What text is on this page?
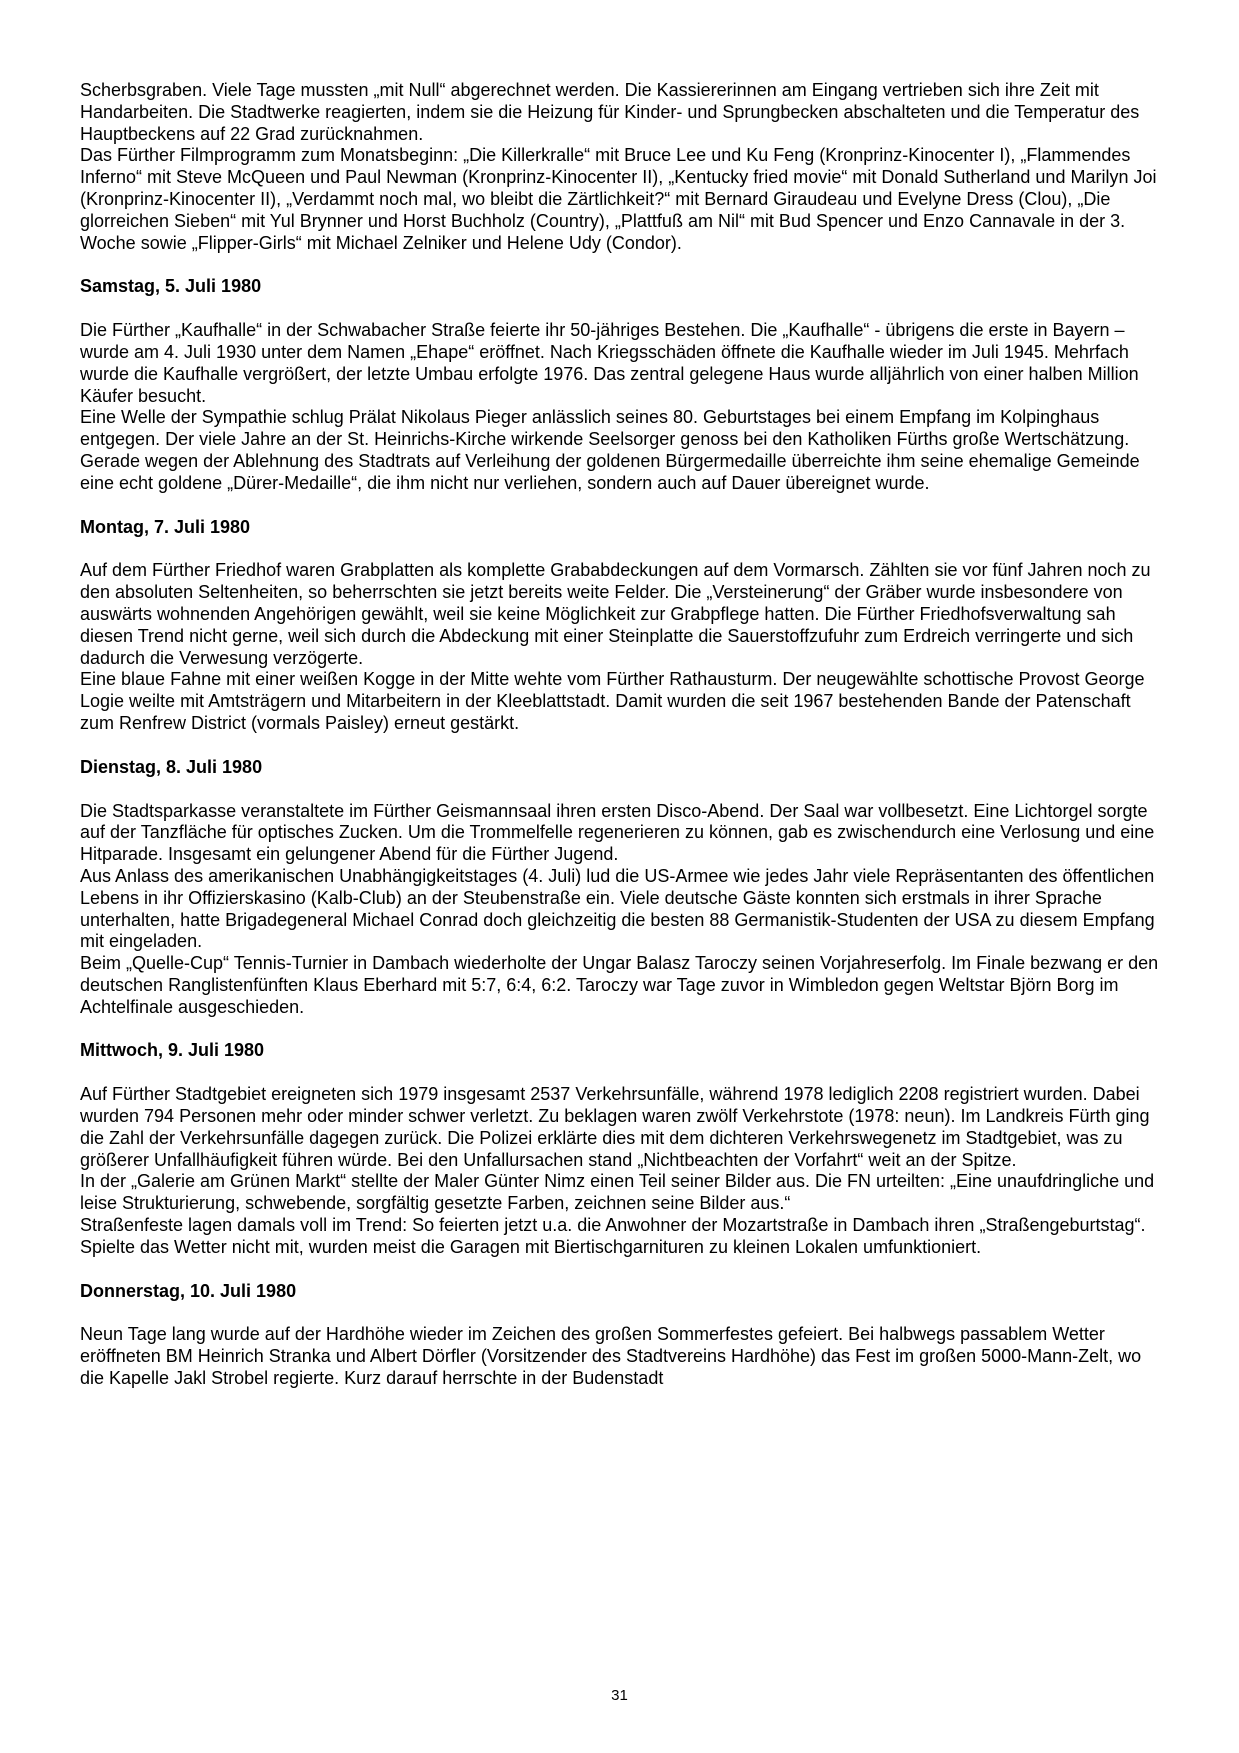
Scherbsgraben. Viele Tage mussten „mit Null“ abgerechnet werden. Die Kassiererinnen am Eingang vertrieben sich ihre Zeit mit Handarbeiten. Die Stadtwerke reagierten, indem sie die Heizung für Kinder- und Sprungbecken abschalteten und die Temperatur des Hauptbeckens auf 22 Grad zurücknahmen.

Das Fürther Filmprogramm zum Monatsbeginn: „Die Killerkralle“ mit Bruce Lee und Ku Feng (Kronprinz-Kinocenter I), „Flammendes Inferno“ mit Steve McQueen und Paul Newman (Kronprinz-Kinocenter II), „Kentucky fried movie“ mit Donald Sutherland und Marilyn Joi (Kronprinz-Kinocenter II), „Verdammt noch mal, wo bleibt die Zärtlichkeit?“ mit Bernard Giraudeau und Evelyne Dress (Clou), „Die glorreichen Sieben“ mit Yul Brynner und Horst Buchholz (Country), „Plattfuß am Nil“ mit Bud Spencer und Enzo Cannavale in der 3. Woche sowie „Flipper-Girls“ mit Michael Zelniker und Helene Udy (Condor).

Samstag, 5. Juli 1980

Die Fürther „Kaufhalle“ in der Schwabacher Straße feierte ihr 50-jähriges Bestehen. Die „Kaufhalle“ - übrigens die erste in Bayern – wurde am 4. Juli 1930 unter dem Namen „Ehape“ eröffnet. Nach Kriegsschäden öffnete die Kaufhalle wieder im Juli 1945. Mehrfach wurde die Kaufhalle vergrößert, der letzte Umbau erfolgte 1976. Das zentral gelegene Haus wurde alljährlich von einer halben Million Käufer besucht.

Eine Welle der Sympathie schlug Prälat Nikolaus Pieger anlässlich seines 80. Geburtstages bei einem Empfang im Kolpinghaus entgegen. Der viele Jahre an der St. Heinrichs-Kirche wirkende Seelsorger genoss bei den Katholiken Fürths große Wertschätzung. Gerade wegen der Ablehnung des Stadtrats auf Verleihung der goldenen Bürgermedaille überreichte ihm seine ehemalige Gemeinde eine echt goldene „Dürer-Medaille“, die ihm nicht nur verliehen, sondern auch auf Dauer übereignet wurde.

Montag, 7. Juli 1980

Auf dem Fürther Friedhof waren Grabplatten als komplette Grababdeckungen auf dem Vormarsch. Zählten sie vor fünf Jahren noch zu den absoluten Seltenheiten, so beherrschten sie jetzt bereits weite Felder. Die „Versteinerung“ der Gräber wurde insbesondere von auswärts wohnenden Angehörigen gewählt, weil sie keine Möglichkeit zur Grabpflege hatten. Die Fürther Friedhofsverwaltung sah diesen Trend nicht gerne, weil sich durch die Abdeckung mit einer Steinplatte die Sauerstoffzufuhr zum Erdreich verringerte und sich dadurch die Verwesung verzögerte.

Eine blaue Fahne mit einer weißen Kogge in der Mitte wehte vom Fürther Rathausturm. Der neugewählte schottische Provost George Logie weilte mit Amtsträgern und Mitarbeitern in der Kleeblattstadt. Damit wurden die seit 1967 bestehenden Bande der Patenschaft zum Renfrew District (vormals Paisley) erneut gestärkt.

Dienstag, 8. Juli 1980

Die Stadtsparkasse veranstaltete im Fürther Geismannsaal ihren ersten Disco-Abend. Der Saal war vollbesetzt. Eine Lichtorgel sorgte auf der Tanzfläche für optisches Zucken. Um die Trommelfelle regenerieren zu können, gab es zwischendurch eine Verlosung und eine Hitparade. Insgesamt ein gelungener Abend für die Fürther Jugend.

Aus Anlass des amerikanischen Unabhängigkeitstages (4. Juli) lud die US-Armee wie jedes Jahr viele Repräsentanten des öffentlichen Lebens in ihr Offizierskasino (Kalb-Club) an der Steubenstraße ein. Viele deutsche Gäste konnten sich erstmals in ihrer Sprache unterhalten, hatte Brigadegeneral Michael Conrad doch gleichzeitig die besten 88 Germanistik-Studenten der USA zu diesem Empfang mit eingeladen.

Beim „Quelle-Cup“ Tennis-Turnier in Dambach wiederholte der Ungar Balasz Taroczy seinen Vorjahreserfolg. Im Finale bezwang er den deutschen Ranglistenfünften Klaus Eberhard mit 5:7, 6:4, 6:2. Taroczy war Tage zuvor in Wimbledon gegen Weltstar Björn Borg im Achtelfinale ausgeschieden.

Mittwoch, 9. Juli 1980

Auf Fürther Stadtgebiet ereigneten sich 1979 insgesamt 2537 Verkehrsunfälle, während 1978 lediglich 2208 registriert wurden. Dabei wurden 794 Personen mehr oder minder schwer verletzt. Zu beklagen waren zwölf Verkehrstote (1978: neun). Im Landkreis Fürth ging die Zahl der Verkehrsunfälle dagegen zurück. Die Polizei erklärte dies mit dem dichteren Verkehrswegenetz im Stadtgebiet, was zu größerer Unfallhäufigkeit führen würde. Bei den Unfallursachen stand „Nichtbeachten der Vorfahrt“ weit an der Spitze.

In der „Galerie am Grünen Markt“ stellte der Maler Günter Nimz einen Teil seiner Bilder aus. Die FN urteilten: „Eine unaufdringliche und leise Strukturierung, schwebende, sorgfältig gesetzte Farben, zeichnen seine Bilder aus.“

Straßenfeste lagen damals voll im Trend: So feierten jetzt u.a. die Anwohner der Mozartstraße in Dambach ihren „Straßengeburtstag“. Spielte das Wetter nicht mit, wurden meist die Garagen mit Biertischgarnituren zu kleinen Lokalen umfunktioniert.

Donnerstag, 10. Juli 1980

Neun Tage lang wurde auf der Hardhöhe wieder im Zeichen des großen Sommerfestes gefeiert. Bei halbwegs passablem Wetter eröffneten BM Heinrich Stranka und Albert Dörfler (Vorsitzender des Stadtvereins Hardhöhe) das Fest im großen 5000-Mann-Zelt, wo die Kapelle Jakl Strobel regierte. Kurz darauf herrschte in der Budenstadt

31
